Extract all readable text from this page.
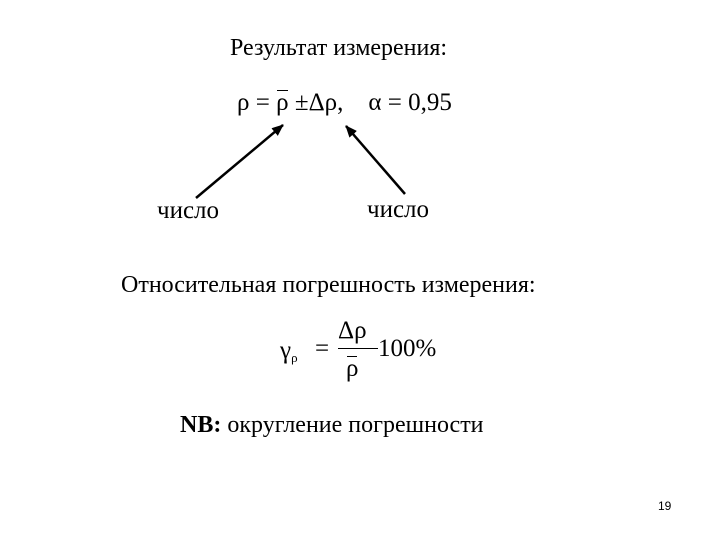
Результат измерения:
ρ = ρ ±Δρ, α = 0,95
число	число
Относительная погрешность измерения:
$\gamma_\rho$ =
Δρ
ρ
100%
NB: округление погрешности
19
